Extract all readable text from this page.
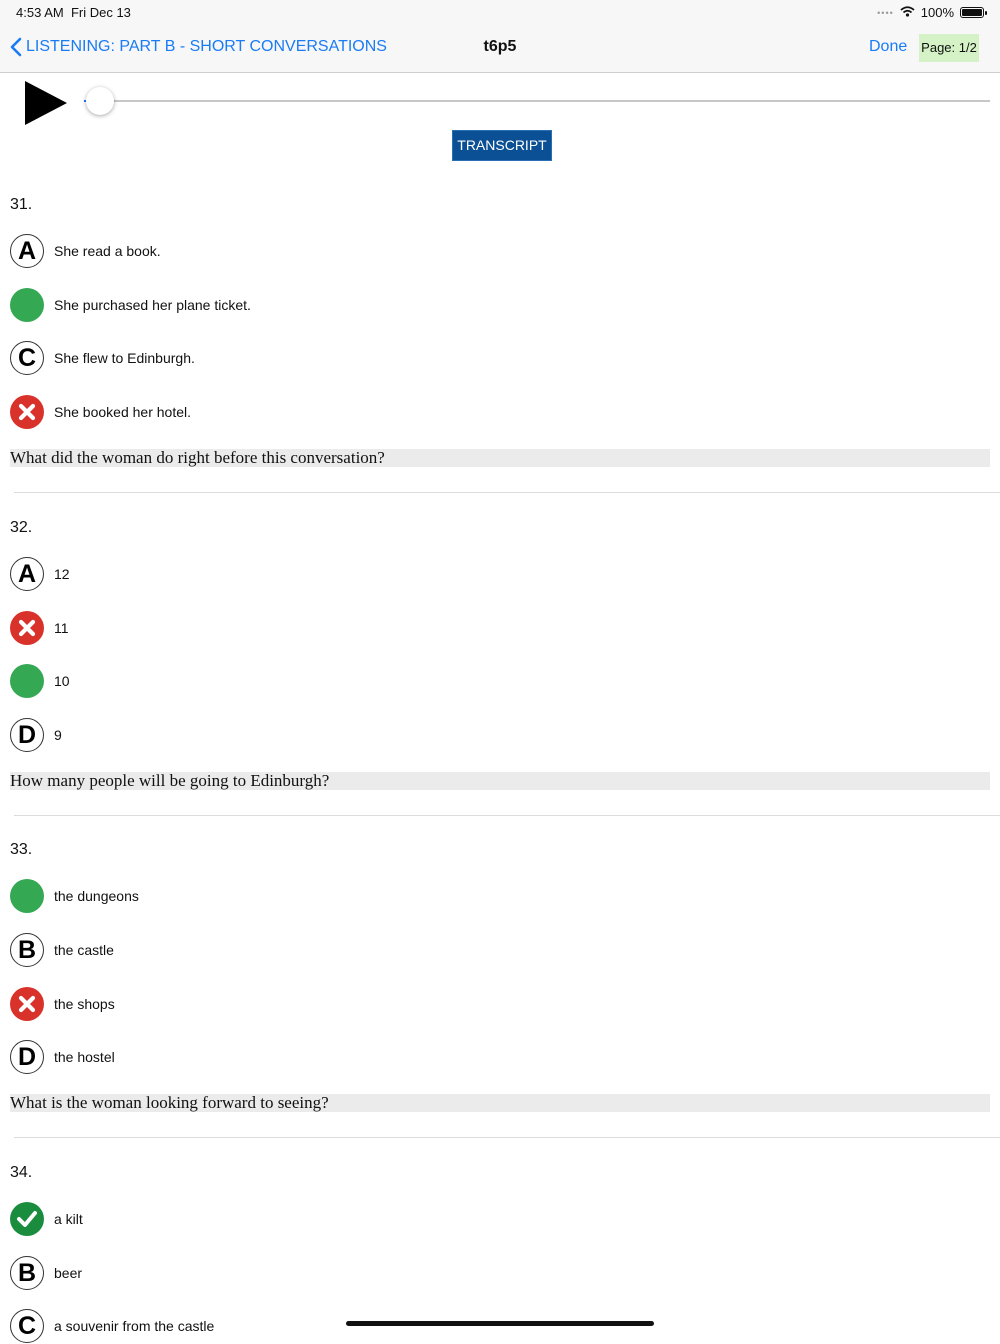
4:53 AM Fri Dec 13	•••• 100%
LISTENING: PART B - SHORT CONVERSATIONS	t6p5	Done Page: 1/2
TRANSCRIPT
31.
A	She read a book.
She purchased her plane ticket.
C	She flew to Edinburgh.
She booked her hotel.
What did the woman do right before this conversation?
32.
A	12
11
10
D	9
How many people will be going to Edinburgh?
33.
the dungeons
B	the castle
the shops
D	the hostel
What is the woman looking forward to seeing?
34.
a kilt
B	beer
C	a souvenir from the castle
